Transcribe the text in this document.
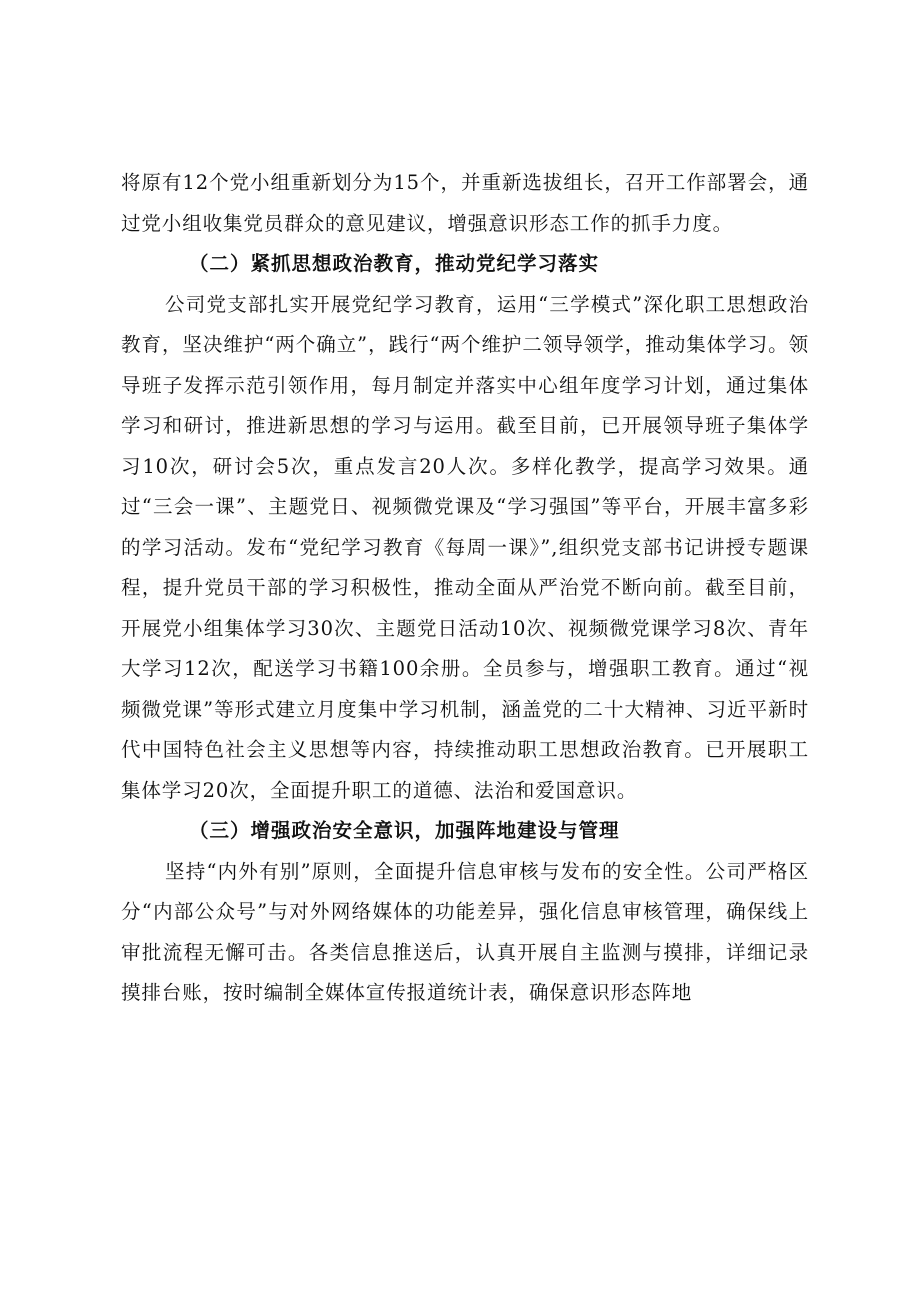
将原有12个党小组重新划分为15个，并重新选拔组长，召开工作部署会，通过党小组收集党员群众的意见建议，增强意识形态工作的抓手力度。

（二）紧抓思想政治教育，推动党纪学习落实

公司党支部扎实开展党纪学习教育，运用“三学模式”深化职工思想政治教育，坚决维护“两个确立”，践行“两个维护二领导领学，推动集体学习。领导班子发挥示范引领作用，每月制定并落实中心组年度学习计划，通过集体学习和研讨，推进新思想的学习与运用。截至目前，已开展领导班子集体学习10次，研讨会5次，重点发言20人次。多样化教学，提高学习效果。通过“三会一课”、主题党日、视频微党课及“学习强国”等平台，开展丰富多彩的学习活动。发布“党纪学习教育《每周一课》”,组织党支部书记讲授专题课程，提升党员干部的学习积极性，推动全面从严治党不断向前。截至目前，开展党小组集体学习30次、主题党日活动10次、视频微党课学习8次、青年大学习12次，配送学习书籍100余册。全员参与，增强职工教育。通过“视频微党课”等形式建立月度集中学习机制，涵盖党的二十大精神、习近平新时代中国特色社会主义思想等内容，持续推动职工思想政治教育。已开展职工集体学习20次，全面提升职工的道德、法治和爱国意识。

（三）增强政治安全意识，加强阵地建设与管理

坚持“内外有别”原则，全面提升信息审核与发布的安全性。公司严格区分“内部公众号”与对外网络媒体的功能差异，强化信息审核管理，确保线上审批流程无懈可击。各类信息推送后，认真开展自主监测与摸排，详细记录摸排台账，按时编制全媒体宣传报道统计表，确保意识形态阵地
